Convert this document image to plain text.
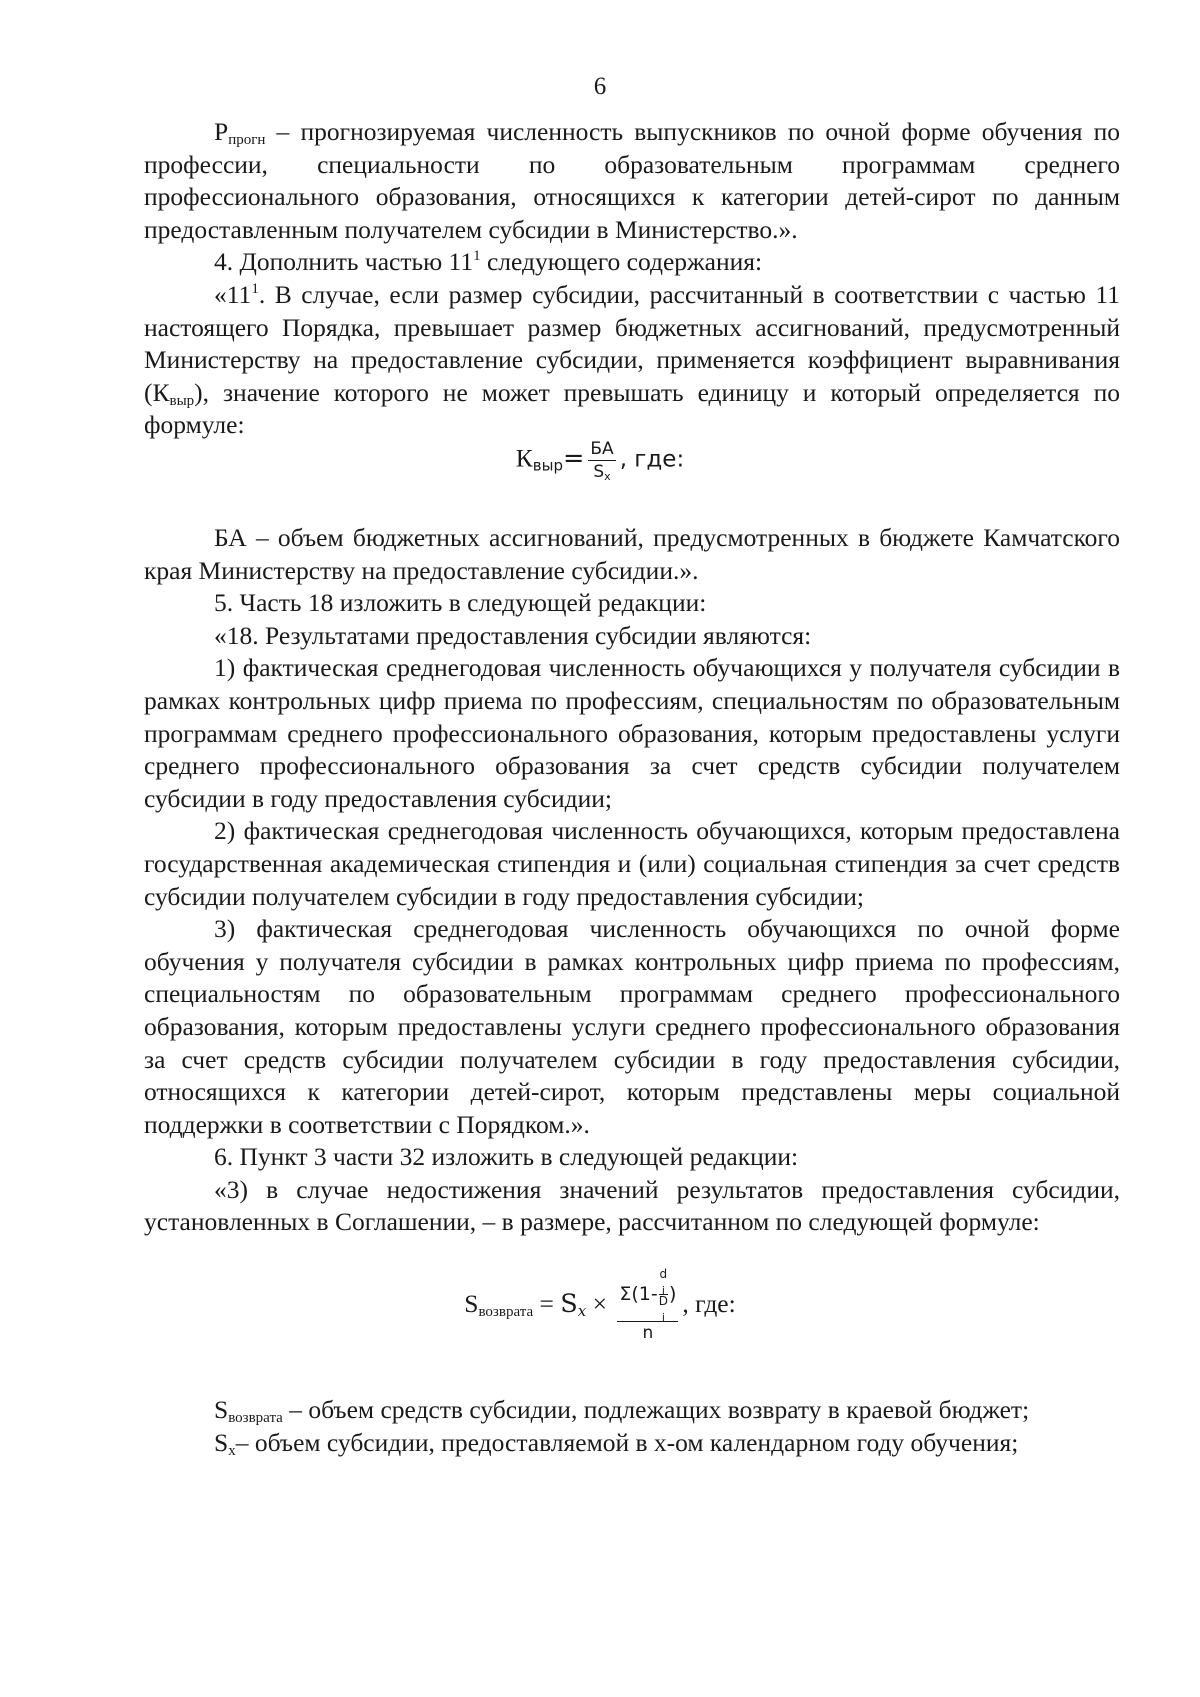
6

$Р_{прогн}$ – прогнозируемая численность выпускников по очной форме обучения по профессии, специальности по образовательным программам среднего профессионального образования, относящихся к категории детей-сирот по данным предоставленным получателем субсидии в Министерство.».

4. Дополнить частью $11^1$ следующего содержания:

«$11^1$. В случае, если размер субсидии, рассчитанный в соответствии с частью 11 настоящего Порядка, превышает размер бюджетных ассигнований, предусмотренный Министерству на предоставление субсидии, применяется коэффициент выравнивания $(К_{выр})$, значение которого не может превышать единицу и который определяется по формуле:

$К_{выр}= \frac{БА}{S_x}$ , где:

БА – объем бюджетных ассигнований, предусмотренных в бюджете Камчатского края Министерству на предоставление субсидии.».

5. Часть 18 изложить в следующей редакции:

«18. Результатами предоставления субсидии являются:

1) фактическая среднегодовая численность обучающихся у получателя субсидии в рамках контрольных цифр приема по профессиям, специальностям по образовательным программам среднего профессионального образования, которым предоставлены услуги среднего профессионального образования за счет средств субсидии получателем субсидии в году предоставления субсидии;

2) фактическая среднегодовая численность обучающихся, которым предоставлена государственная академическая стипендия и (или) социальная стипендия за счет средств субсидии получателем субсидии в году предоставления субсидии;

3) фактическая среднегодовая численность обучающихся по очной форме обучения у получателя субсидии в рамках контрольных цифр приема по профессиям, специальностям по образовательным программам среднего профессионального образования, которым предоставлены услуги среднего профессионального образования за счет средств субсидии получателем субсидии в году предоставления субсидии, относящихся к категории детей-сирот, которым представлены меры социальной поддержки в соответствии с Порядком.».

6. Пункт 3 части 32 изложить в следующей редакции:

«3) в случае недостижения значений результатов предоставления субсидии, установленных в Соглашении, – в размере, рассчитанном по следующей формуле:

$S_{возврата} = S_x \times \Sigma(1-$ d
$_i$
D
$_i$ )
n , где:

$S_{возврата}$ – объем средств субсидии, подлежащих возврату в краевой бюджет;

$S_x-$ объем субсидии, предоставляемой в х-ом календарном году обучения;
